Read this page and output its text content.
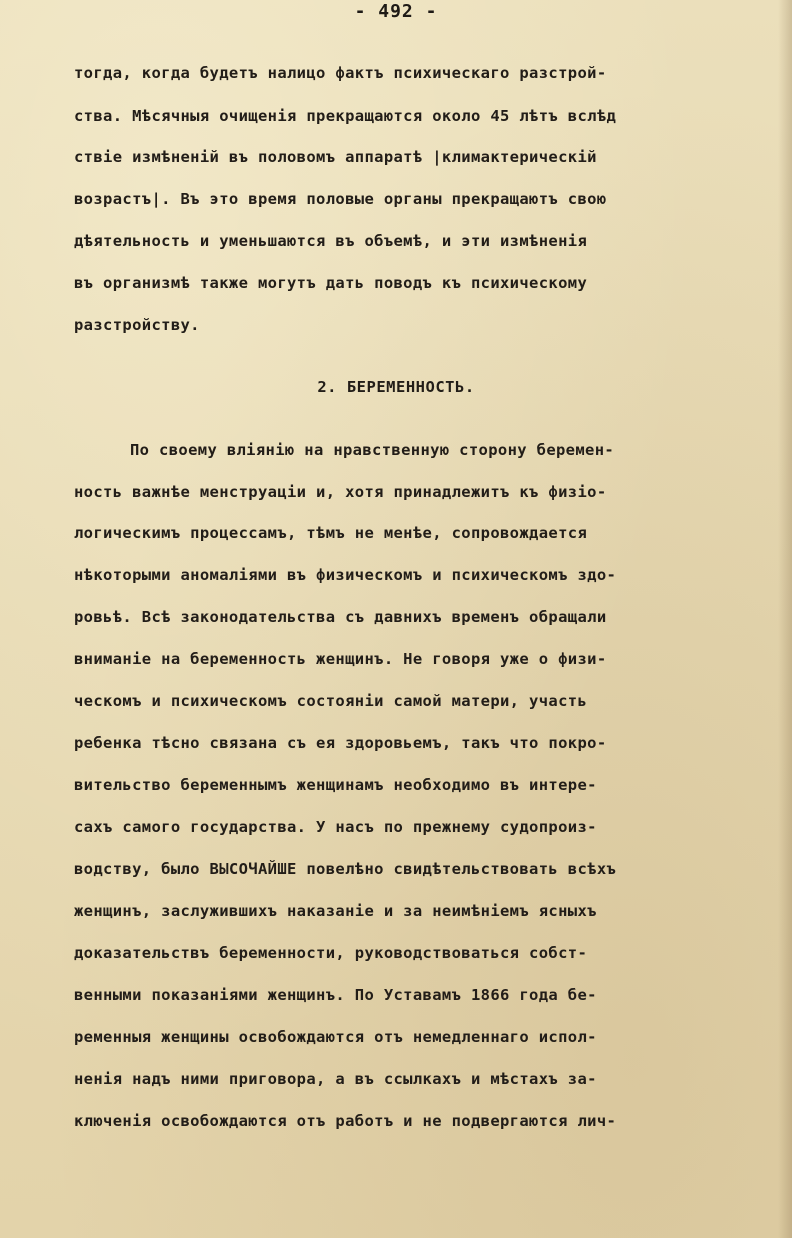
- 492 -
тогда, когда будетъ налицо фактъ психическаго разстрой-
ства. Мѣсячныя очищенія прекращаются около 45 лѣтъ вслѣд
ствіе измѣненій въ половомъ аппаратѣ |климактерическій
возрастъ|. Въ это время половые органы прекращаютъ свою
дѣятельность и уменьшаются въ объемѣ, и эти измѣненія
въ организмѣ также могутъ дать поводъ къ психическому
разстройству.
2. БЕРЕМЕННОСТЬ.
По своему вліянію на нравственную сторону беремен-
ность важнѣе менструаціи и, хотя принадлежитъ къ физіо-
логическимъ процессамъ, тѣмъ не менѣе, сопровождается
нѣкоторыми аномаліями въ физическомъ и психическомъ здо-
ровьѣ. Всѣ законодательства съ давнихъ временъ обращали
вниманіе на беременность женщинъ. Не говоря уже о физи-
ческомъ и психическомъ состояніи самой матери, участь
ребенка тѣсно связана съ ея здоровьемъ, такъ что покро-
вительство беременнымъ женщинамъ необходимо въ интере-
сахъ самого государства. У насъ по прежнему судопроиз-
водству, было ВЫСОЧАЙШЕ повелѣно свидѣтельствовать всѣхъ
женщинъ, заслужившихъ наказаніе и за неимѣніемъ ясныхъ
доказательствъ беременности, руководствоваться собст-
венными показаніями женщинъ. По Уставамъ 1866 года бе-
ременныя женщины освобождаются отъ немедленнаго испол-
ненія надъ ними приговора, а въ ссылкахъ и мѣстахъ за-
ключенія освобождаются отъ работъ и не подвергаются лич-
